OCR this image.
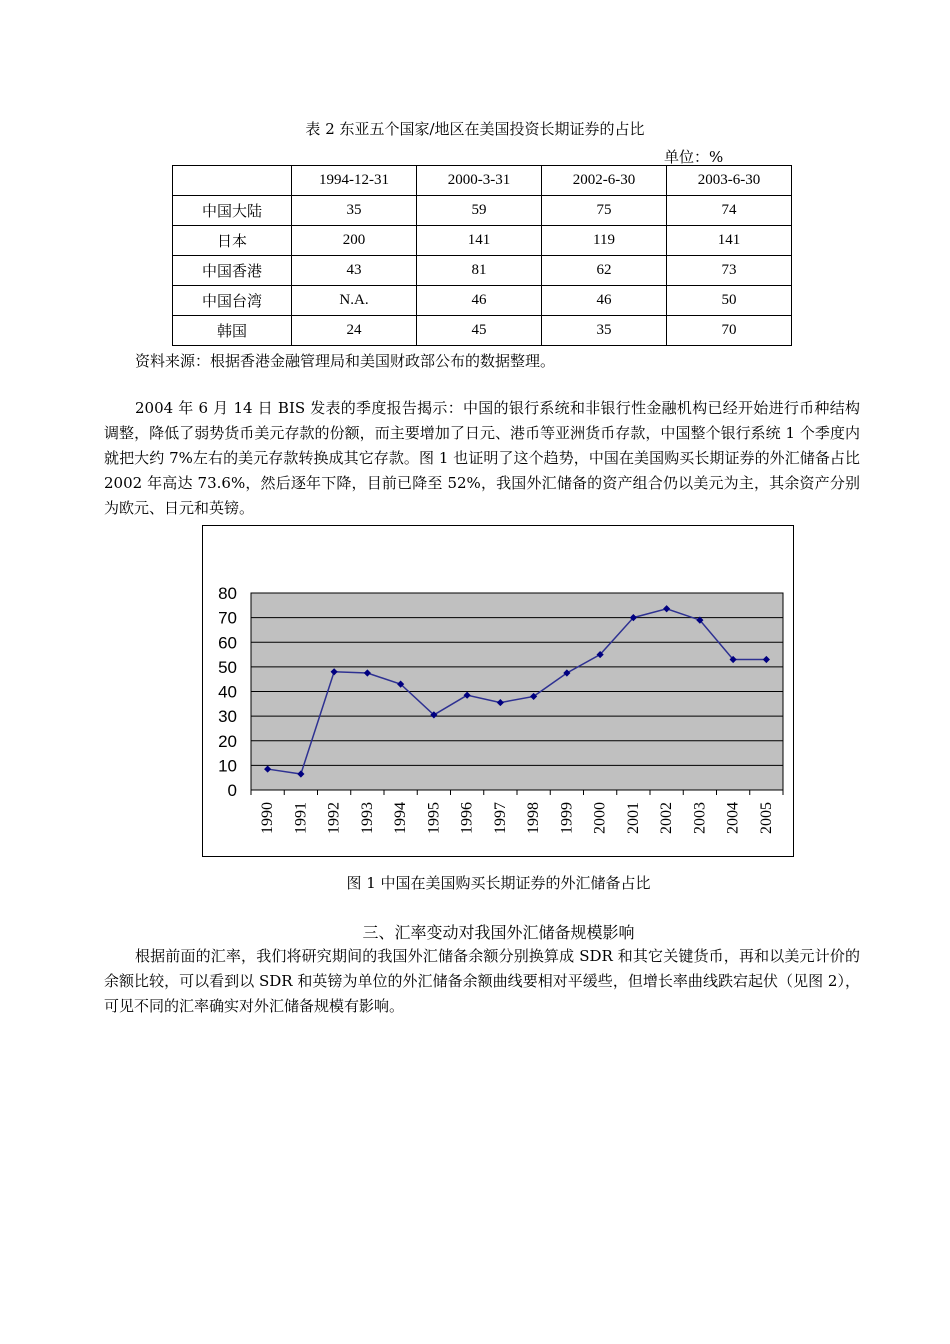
表 2 东亚五个国家/地区在美国投资长期证券的占比
单位：%
	1994-12-31	2000-3-31	2002-6-30	2003-6-30
中国大陆	35	59	75	74
日本	200	141	119	141
中国香港	43	81	62	73
中国台湾	N.A.	46	46	50
韩国	24	45	35	70
资料来源：根据香港金融管理局和美国财政部公布的数据整理。
2004 年 6 月 14 日 BIS 发表的季度报告揭示：中国的银行系统和非银行性金融机构已经开始进行币种结构调整，降低了弱势货币美元存款的份额，而主要增加了日元、港币等亚洲货币存款，中国整个银行系统 1 个季度内就把大约 7%左右的美元存款转换成其它存款。图 1 也证明了这个趋势，中国在美国购买长期证券的外汇储备占比 2002 年高达 73.6%，然后逐年下降，目前已降至 52%，我国外汇储备的资产组合仍以美元为主，其余资产分别为欧元、日元和英镑。
80
70
60
50
40
30
20
10
0
1990 1991 1992 1993 1994 1995 1996 1997 1998 1999 2000 2001 2002 2003 2004 2005
图 1 中国在美国购买长期证券的外汇储备占比
三、汇率变动对我国外汇储备规模影响
根据前面的汇率，我们将研究期间的我国外汇储备余额分别换算成 SDR 和其它关键货币，再和以美元计价的余额比较，可以看到以 SDR 和英镑为单位的外汇储备余额曲线要相对平缓些，但增长率曲线跌宕起伏（见图 2），可见不同的汇率确实对外汇储备规模有影响。
